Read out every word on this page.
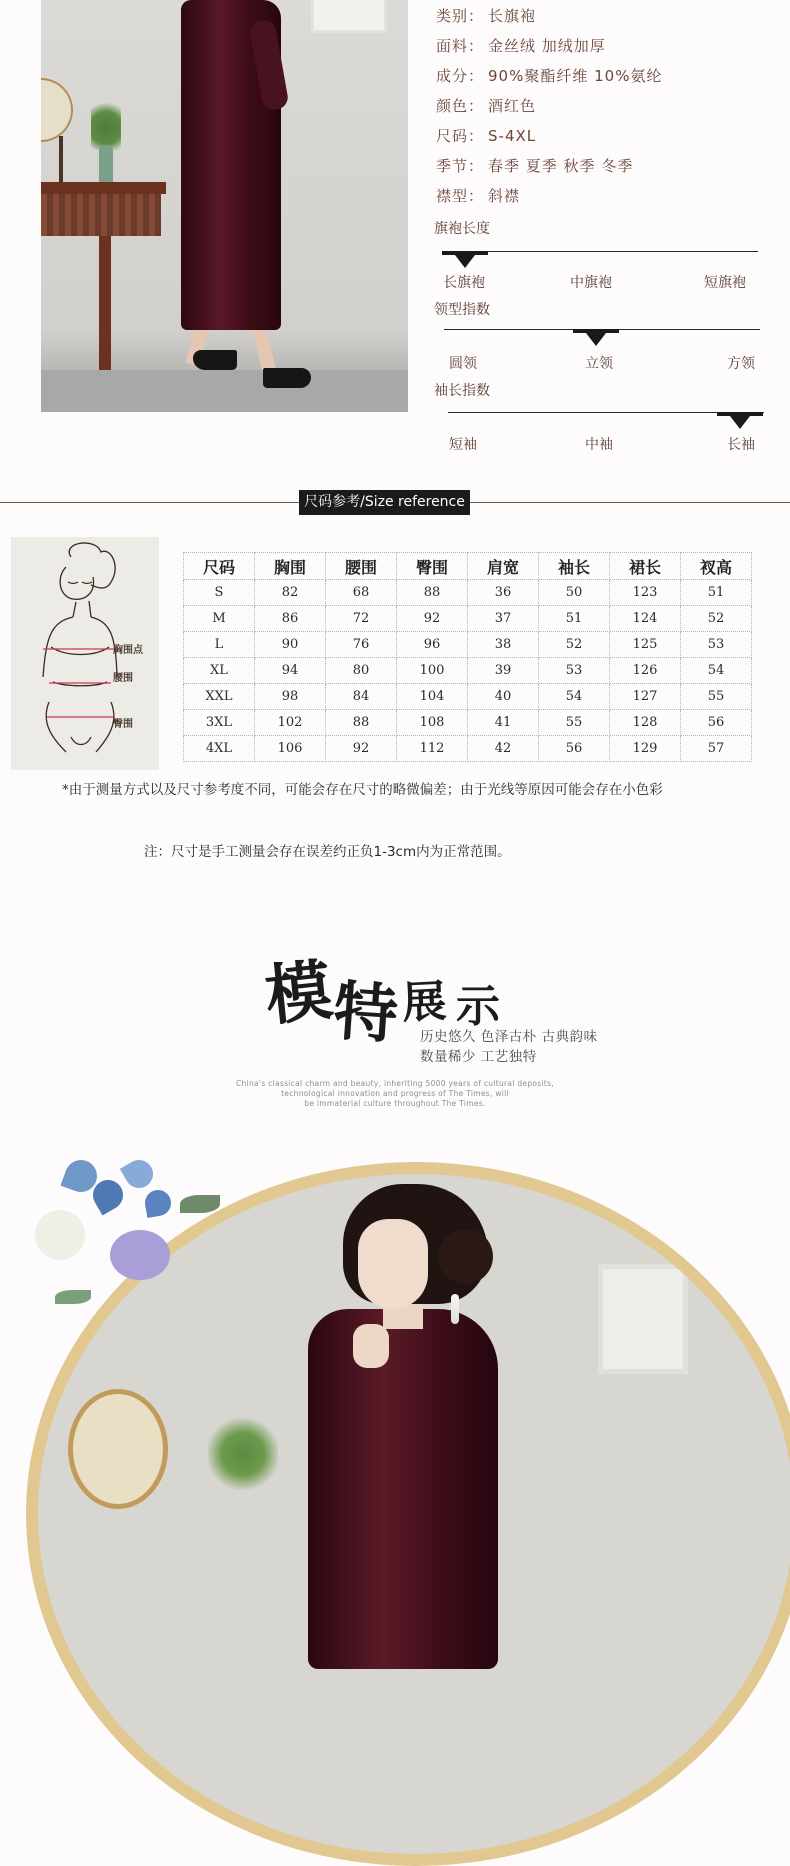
类别： 长旗袍
面料： 金丝绒 加绒加厚
成分： 90%聚酯纤维 10%氨纶
颜色： 酒红色
尺码： S-4XL
季节： 春季 夏季 秋季 冬季
襟型： 斜襟
旗袍长度
长旗袍	中旗袍	短旗袍
领型指数
圆领	立领	方领
袖长指数
短袖	中袖	长袖
尺码参考/Size reference
胸围点
腰围
臀围
尺码	胸围	腰围	臀围	肩宽	袖长	裙长	衩高
S	82	68	88	36	50	123	51
M	86	72	92	37	51	124	52
L	90	76	96	38	52	125	53
XL	94	80	100	39	53	126	54
XXL	98	84	104	40	54	127	55
3XL	102	88	108	41	55	128	56
4XL	106	92	112	42	56	129	57
*由于测量方式以及尺寸参考度不同，可能会存在尺寸的略微偏差；由于光线等原因可能会存在小色彩
注：尺寸是手工测量会存在误差约正负1-3cm内为正常范围。
模
特 展 示
历史悠久 色泽古朴 古典韵味
数量稀少 工艺独特
China's classical charm and beauty, inheriting 5000 years of cultural deposits,
technological innovation and progress of The Times, will
be immaterial culture throughout The Times.
